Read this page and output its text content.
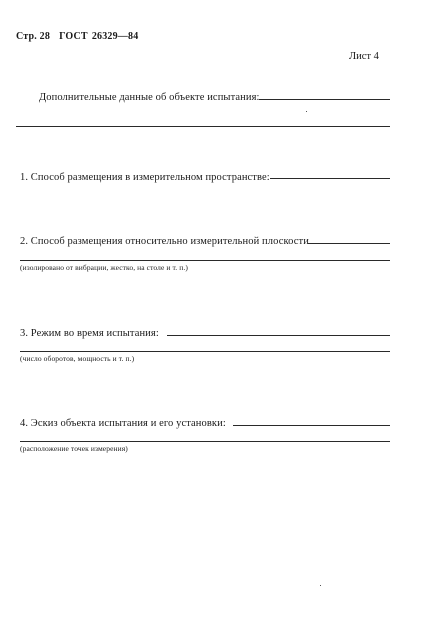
Стр. 28 ГОСТ 26329—84
Лист 4
Дополнительные данные об объекте испытания:
1. Способ размещения в измерительном пространстве:
2. Способ размещения относительно измерительной плоскости
(изолировано от вибрации, жестко, на столе и т. п.)
3. Режим во время испытания:
(число оборотов, мощность и т. п.)
4. Эскиз объекта испытания и его установки:
(расположение точек измерения)
